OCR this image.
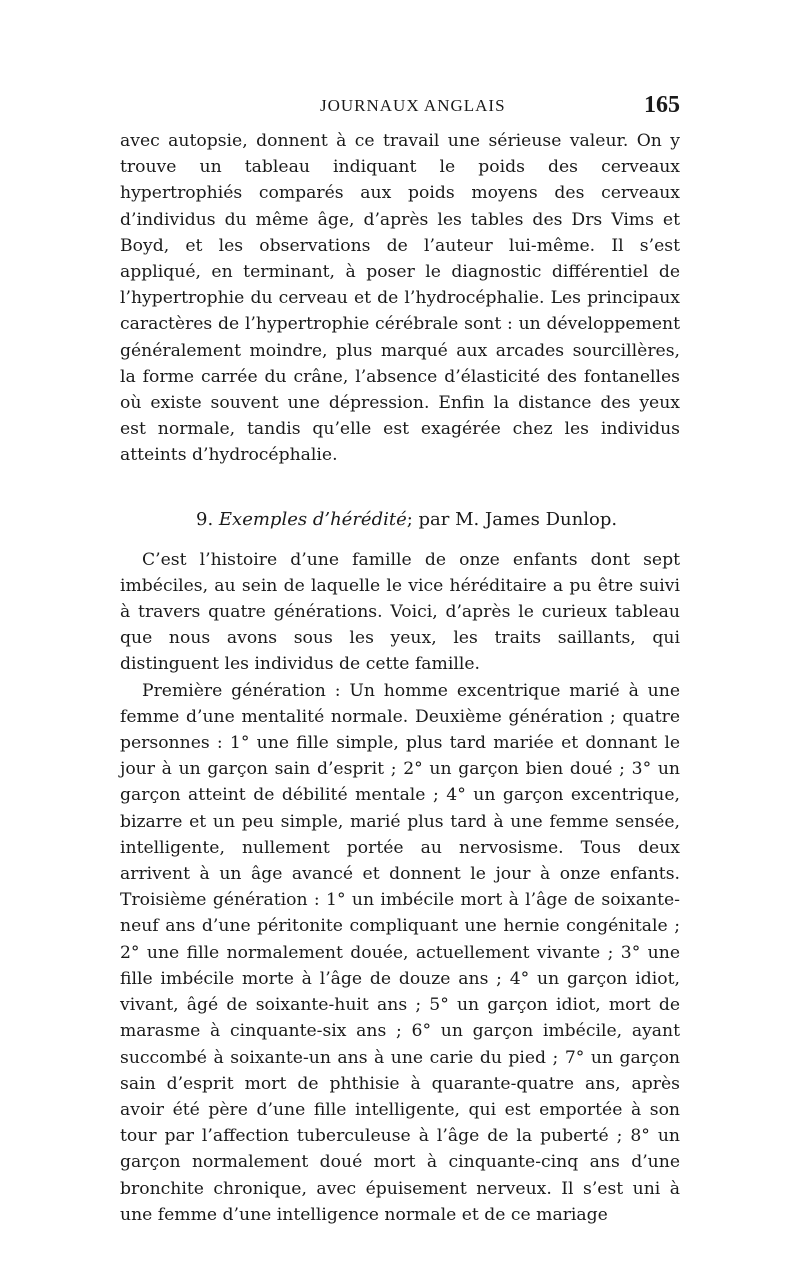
JOURNAUX ANGLAIS	165

avec autopsie, donnent à ce travail une sérieuse valeur. On y trouve un tableau indiquant le poids des cerveaux hypertrophiés comparés aux poids moyens des cerveaux d’individus du même âge, d’après les tables des Drs Vims et Boyd, et les observations de l’auteur lui-même. Il s’est appliqué, en terminant, à poser le diagnostic différentiel de l’hypertrophie du cerveau et de l’hydrocéphalie. Les principaux caractères de l’hypertrophie cérébrale sont : un développement généralement moindre, plus marqué aux arcades sourcillères, la forme carrée du crâne, l’absence d’élasticité des fontanelles où existe souvent une dépression. Enfin la distance des yeux est normale, tandis qu’elle est exagérée chez les individus atteints d’hydrocéphalie.

9. Exemples d’hérédité; par M. James Dunlop.

C’est l’histoire d’une famille de onze enfants dont sept imbéciles, au sein de laquelle le vice héréditaire a pu être suivi à travers quatre générations. Voici, d’après le curieux tableau que nous avons sous les yeux, les traits saillants, qui distinguent les individus de cette famille.

Première génération : Un homme excentrique marié à une femme d’une mentalité normale. Deuxième génération ; quatre personnes : 1° une fille simple, plus tard mariée et donnant le jour à un garçon sain d’esprit ; 2° un garçon bien doué ; 3° un garçon atteint de débilité mentale ; 4° un garçon excentrique, bizarre et un peu simple, marié plus tard à une femme sensée, intelligente, nullement portée au nervosisme. Tous deux arrivent à un âge avancé et donnent le jour à onze enfants. Troisième génération : 1° un imbécile mort à l’âge de soixante-neuf ans d’une péritonite compliquant une hernie congénitale ; 2° une fille normalement douée, actuellement vivante ; 3° une fille imbécile morte à l’âge de douze ans ; 4° un garçon idiot, vivant, âgé de soixante-huit ans ; 5° un garçon idiot, mort de marasme à cinquante-six ans ; 6° un garçon imbécile, ayant succombé à soixante-un ans à une carie du pied ; 7° un garçon sain d’esprit mort de phthisie à quarante-quatre ans, après avoir été père d’une fille intelligente, qui est emportée à son tour par l’affection tuberculeuse à l’âge de la puberté ; 8° un garçon normalement doué mort à cinquante-cinq ans d’une bronchite chronique, avec épuisement nerveux. Il s’est uni à une femme d’une intelligence normale et de ce mariage
